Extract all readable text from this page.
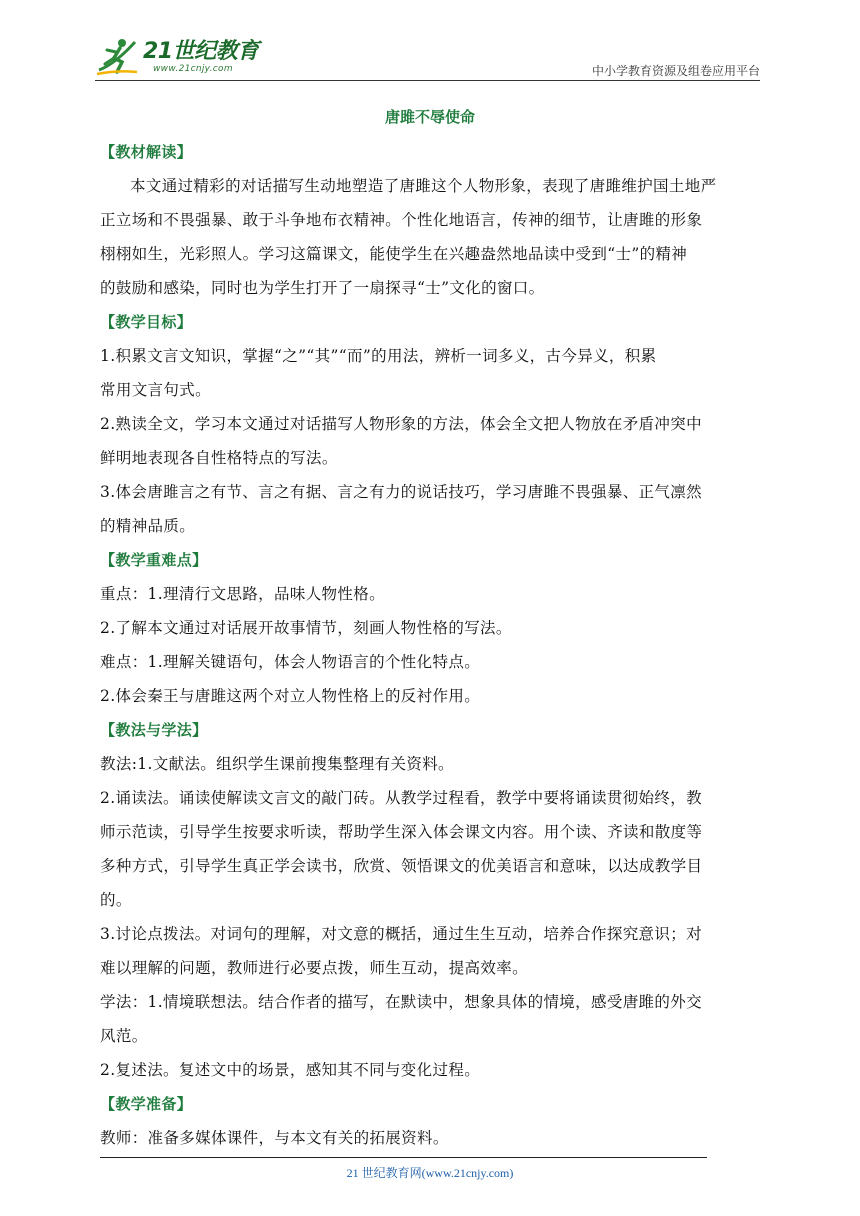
21世纪教育
www.21cnjy.com	中小学教育资源及组卷应用平台
唐雎不辱使命
【教材解读】
本文通过精彩的对话描写生动地塑造了唐雎这个人物形象，表现了唐雎维护国土地严
正立场和不畏强暴、敢于斗争地布衣精神。个性化地语言，传神的细节，让唐雎的形象
栩栩如生，光彩照人。学习这篇课文，能使学生在兴趣盎然地品读中受到“士”的精神
的鼓励和感染，同时也为学生打开了一扇探寻“士”文化的窗口。
【教学目标】
1.积累文言文知识，掌握“之”“其”“而”的用法，辨析一词多义，古今异义，积累
常用文言句式。
2.熟读全文，学习本文通过对话描写人物形象的方法，体会全文把人物放在矛盾冲突中
鲜明地表现各自性格特点的写法。
3.体会唐雎言之有节、言之有据、言之有力的说话技巧，学习唐雎不畏强暴、正气凛然
的精神品质。
【教学重难点】
重点：1.理清行文思路，品味人物性格。
2.了解本文通过对话展开故事情节，刻画人物性格的写法。
难点：1.理解关键语句，体会人物语言的个性化特点。
2.体会秦王与唐雎这两个对立人物性格上的反衬作用。
【教法与学法】
教法:1.文献法。组织学生课前搜集整理有关资料。
2.诵读法。诵读使解读文言文的敲门砖。从教学过程看，教学中要将诵读贯彻始终，教
师示范读，引导学生按要求听读，帮助学生深入体会课文内容。用个读、齐读和散度等
多种方式，引导学生真正学会读书，欣赏、领悟课文的优美语言和意味，以达成教学目
的。
3.讨论点拨法。对词句的理解，对文意的概括，通过生生互动，培养合作探究意识；对
难以理解的问题，教师进行必要点拨，师生互动，提高效率。
学法：1.情境联想法。结合作者的描写，在默读中，想象具体的情境，感受唐雎的外交
风范。
2.复述法。复述文中的场景，感知其不同与变化过程。
【教学准备】
教师：准备多媒体课件，与本文有关的拓展资料。
21 世纪教育网(www.21cnjy.com)
